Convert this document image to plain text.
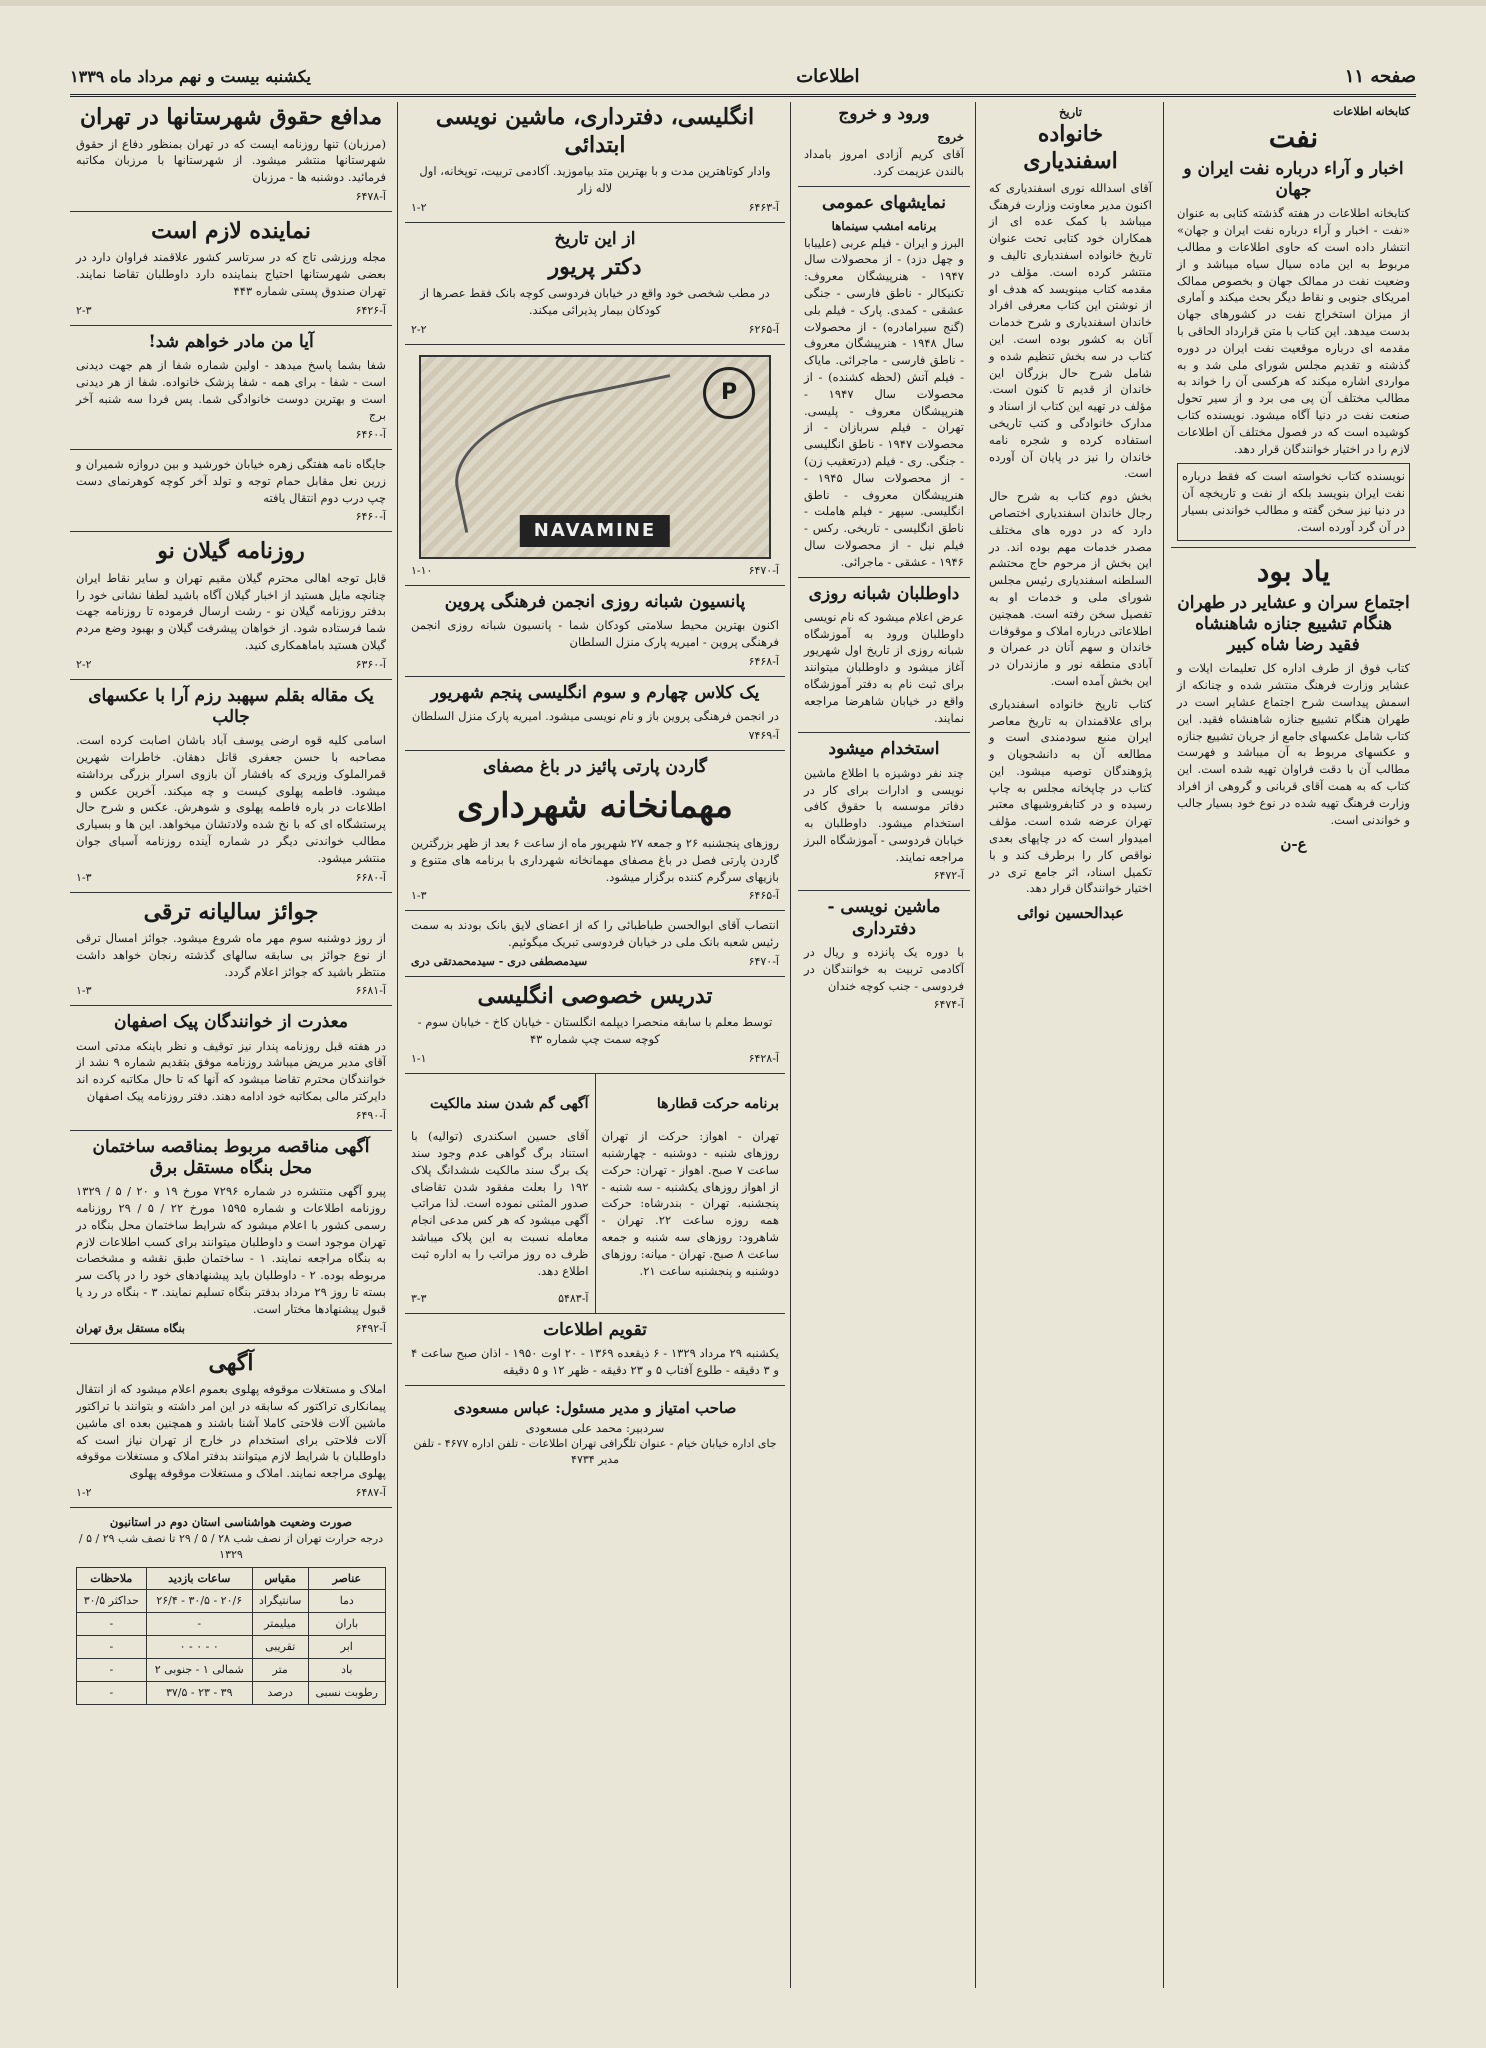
صفحه ۱۱
اطلاعات
یکشنبه بیست و نهم مرداد ماه ۱۳۳۹
کتابخانه اطلاعات
نفت
اخبار و آراء درباره نفت ایران و جهان

کتابخانه اطلاعات در هفته گذشته کتابی به عنوان «نفت - اخبار و آراء درباره نفت ایران و جهان» انتشار داده است که حاوی اطلاعات و مطالب مربوط به این ماده سیال سیاه میباشد و از وضعیت نفت در ممالک جهان و بخصوص ممالک امریکای جنوبی و نقاط دیگر بحث میکند و آماری از میزان استخراج نفت در کشورهای جهان بدست میدهد. این کتاب با متن قرارداد الحاقی با مقدمه ای درباره موقعیت نفت ایران در دوره گذشته و تقدیم مجلس شورای ملی شد و به مواردی اشاره میکند که هرکسی آن را خواند به مطالب مختلف آن پی می برد و از سیر تحول صنعت نفت در دنیا آگاه میشود. نویسنده کتاب کوشیده است که در فصول مختلف آن اطلاعات لازم را در اختیار خوانندگان قرار دهد.

نویسنده کتاب نخواسته است که فقط درباره نفت ایران بنویسد بلکه از نفت و تاریخچه آن در دنیا نیز سخن گفته و مطالب خواندنی بسیار در آن گرد آورده است.

یاد بود
اجتماع سران و عشایر در طهران هنگام تشییع جنازه شاهنشاه فقید رضا شاه کبیر

کتاب فوق از طرف اداره کل تعلیمات ایلات و عشایر وزارت فرهنگ منتشر شده و چنانکه از اسمش پیداست شرح اجتماع عشایر است در طهران هنگام تشییع جنازه شاهنشاه فقید. این کتاب شامل عکسهای جامع از جریان تشییع جنازه و عکسهای مربوط به آن میباشد و فهرست مطالب آن با دقت فراوان تهیه شده است. این کتاب که به همت آقای قربانی و گروهی از افراد وزارت فرهنگ تهیه شده در نوع خود بسیار جالب و خواندنی است.

ع-ن
تاریخ
خانواده اسفندیاری

آقای اسدالله نوری اسفندیاری که اکنون مدیر معاونت وزارت فرهنگ میباشد با کمک عده ای از همکاران خود کتابی تحت عنوان تاریخ خانواده اسفندیاری تالیف و منتشر کرده است. مؤلف در مقدمه کتاب مینویسد که هدف او از نوشتن این کتاب معرفی افراد خاندان اسفندیاری و شرح خدمات آنان به کشور بوده است. این کتاب در سه بخش تنظیم شده و شامل شرح حال بزرگان این خاندان از قدیم تا کنون است. مؤلف در تهیه این کتاب از اسناد و مدارک خانوادگی و کتب تاریخی استفاده کرده و شجره نامه خاندان را نیز در پایان آن آورده است.

بخش دوم کتاب به شرح حال رجال خاندان اسفندیاری اختصاص دارد که در دوره های مختلف مصدر خدمات مهم بوده اند. در این بخش از مرحوم حاج محتشم السلطنه اسفندیاری رئیس مجلس شورای ملی و خدمات او به تفصیل سخن رفته است. همچنین اطلاعاتی درباره املاک و موقوفات خاندان و سهم آنان در عمران و آبادی منطقه نور و مازندران در این بخش آمده است.

کتاب تاریخ خانواده اسفندیاری برای علاقمندان به تاریخ معاصر ایران منبع سودمندی است و مطالعه آن به دانشجویان و پژوهندگان توصیه میشود. این کتاب در چاپخانه مجلس به چاپ رسیده و در کتابفروشیهای معتبر تهران عرضه شده است. مؤلف امیدوار است که در چاپهای بعدی نواقص کار را برطرف کند و با تکمیل اسناد، اثر جامع تری در اختیار خوانندگان قرار دهد.

عبدالحسین نوائی
ورود و خروج
خروج

آقای کریم آزادی امروز بامداد بالندن عزیمت کرد.

نمایشهای عمومی
برنامه امشب سینماها

البرز و ایران - فیلم عربی (علیبابا و چهل دزد) - از محصولات سال ۱۹۴۷ - هنرپیشگان معروف: تکنیکالر - ناطق فارسی - جنگی عشقی - کمدی. پارک - فیلم بلی (گنج سیرامادره) - از محصولات سال ۱۹۴۸ - هنرپیشگان معروف - ناطق فارسی - ماجرائی. مایاک - فیلم آتش (لحظه کشنده) - از محصولات سال ۱۹۴۷ - هنرپیشگان معروف - پلیسی. تهران - فیلم سربازان - از محصولات ۱۹۴۷ - ناطق انگلیسی - جنگی. ری - فیلم (درتعقیب زن) - از محصولات سال ۱۹۴۵ - هنرپیشگان معروف - ناطق انگلیسی. سپهر - فیلم هاملت - ناطق انگلیسی - تاریخی. رکس - فیلم نیل - از محصولات سال ۱۹۴۶ - عشقی - ماجرائی.

داوطلبان شبانه روزی

عرض اعلام میشود که نام نویسی داوطلبان ورود به آموزشگاه شبانه روزی از تاریخ اول شهریور آغاز میشود و داوطلبان میتوانند برای ثبت نام به دفتر آموزشگاه واقع در خیابان شاهرضا مراجعه نمایند.

استخدام میشود

چند نفر دوشیزه با اطلاع ماشین نویسی و ادارات برای کار در دفاتر موسسه با حقوق کافی استخدام میشود. داوطلبان به خیابان فردوسی - آموزشگاه البرز مراجعه نمایند.

آ-۶۴۷۲
ماشین نویسی - دفترداری

با دوره یک پانزده و ریال در آکادمی تربیت به خوانندگان در فردوسی - جنب کوچه خندان

آ-۶۴۷۴
انگلیسی، دفترداری، ماشین نویسی ابتدائی

وادار کوتاهترین مدت و با بهترین متد بیاموزید. آکادمی تربیت، توپخانه، اول لاله زار

آ-۶۴۶۳
۱-۲
از این تاریخ
دکتر پریور

در مطب شخصی خود واقع در خیابان فردوسی کوچه بانک فقط عصرها از کودکان بیمار پذیرائی میکند.

آ-۶۲۶۵
۲-۲
P
NAVAMINE
آ-۶۴۷۰
۱-۱۰
پانسیون شبانه روزی انجمن فرهنگی پروین

اکنون بهترین محیط سلامتی کودکان شما - پانسیون شبانه روزی انجمن فرهنگی پروین - امیریه پارک منزل السلطان

آ-۶۴۶۸
یک کلاس چهارم و سوم انگلیسی پنجم شهریور

در انجمن فرهنگی پروین باز و نام نویسی میشود. امیریه پارک منزل السلطان

آ-۷۴۶۹
گاردن پارتی پائیز در باغ مصفای
مهمانخانه شهرداری

روزهای پنجشنبه ۲۶ و جمعه ۲۷ شهریور ماه از ساعت ۶ بعد از ظهر بزرگترین گاردن پارتی فصل در باغ مصفای مهمانخانه شهرداری با برنامه های متنوع و بازیهای سرگرم کننده برگزار میشود.

آ-۶۴۶۵
۱-۳

انتصاب آقای ابوالحسن طباطبائی را که از اعضای لایق بانک بودند به سمت رئیس شعبه بانک ملی در خیابان فردوسی تبریک میگوئیم.

آ-۶۴۷۰
سیدمصطفی دری - سیدمحمدتقی دری
تدریس خصوصی انگلیسی

توسط معلم با سابقه منحصرا دیپلمه انگلستان - خیابان کاخ - خیابان سوم - کوچه سمت چپ شماره ۴۳

آ-۶۴۲۸
۱-۱
برنامه حرکت قطارها

تهران - اهواز: حرکت از تهران روزهای شنبه - دوشنبه - چهارشنبه ساعت ۷ صبح. اهواز - تهران: حرکت از اهواز روزهای یکشنبه - سه شنبه - پنجشنبه. تهران - بندرشاه: حرکت همه روزه ساعت ۲۲. تهران - شاهرود: روزهای سه شنبه و جمعه ساعت ۸ صبح. تهران - میانه: روزهای دوشنبه و پنجشنبه ساعت ۲۱.

آگهی گم شدن سند مالکیت

آقای حسین اسکندری (توالیه) با استناد برگ گواهی عدم وجود سند یک برگ سند مالکیت ششدانگ پلاک ۱۹۲ را بعلت مفقود شدن تقاضای صدور المثنی نموده است. لذا مراتب آگهی میشود که هر کس مدعی انجام معامله نسبت به این پلاک میباشد ظرف ده روز مراتب را به اداره ثبت اطلاع دهد.

آ-۵۴۸۳
۳-۳
تقویم اطلاعات

یکشنبه ۲۹ مرداد ۱۳۲۹ - ۶ ذیقعده ۱۳۶۹ - ۲۰ اوت ۱۹۵۰ - اذان صبح ساعت ۴ و ۳ دقیقه - طلوع آفتاب ۵ و ۲۳ دقیقه - ظهر ۱۲ و ۵ دقیقه

صاحب امتیاز و مدیر مسئول: عباس مسعودی
سردبیر: محمد علی مسعودی

جای اداره خیابان خیام - عنوان تلگرافی تهران اطلاعات - تلفن اداره ۴۶۷۷ - تلفن مدیر ۴۷۳۴

مدافع حقوق شهرستانها در تهران

(مرزبان) تنها روزنامه ایست که در تهران بمنظور دفاع از حقوق شهرستانها منتشر میشود. از شهرستانها با مرزبان مکاتبه فرمائید. دوشنبه ها - مرزبان

آ-۶۴۷۸
نماینده لازم است

مجله ورزشی تاج که در سرتاسر کشور علاقمند فراوان دارد در بعضی شهرستانها احتیاج بنماینده دارد داوطلبان تقاضا نمایند. تهران صندوق پستی شماره ۴۴۳

آ-۶۴۲۶
۲-۳
آیا من مادر خواهم شد!

شفا بشما پاسخ میدهد - اولین شماره شفا از هم جهت دیدنی است - شفا - برای همه - شفا پزشک خانواده. شفا از هر دیدنی است و بهترین دوست خانوادگی شما. پس فردا سه شنبه آخر برج

آ-۶۴۶۰

جایگاه نامه هفتگی زهره خیابان خورشید و بین دروازه شمیران و زرین نعل مقابل حمام توجه و تولد آخر کوچه کوهرنمای دست چپ درب دوم انتقال یافته

آ-۶۴۶۰
روزنامه گیلان نو

قابل توجه اهالی محترم گیلان مقیم تهران و سایر نقاط ایران چنانچه مایل هستید از اخبار گیلان آگاه باشید لطفا نشانی خود را بدفتر روزنامه گیلان نو - رشت ارسال فرموده تا روزنامه جهت شما فرستاده شود. از خواهان پیشرفت گیلان و بهبود وضع مردم گیلان هستید باماهمکاری کنید.

آ-۶۳۶۰
۲-۲
یک مقاله بقلم سپهبد رزم آرا با عکسهای جالب

اسامی کلیه قوه ارضی یوسف آباد باشان اصابت کرده است. مصاحبه با حسن جعفری قاتل دهقان. خاطرات شهرین قمرالملوک وزیری که بافشار آن بازوی اسرار بزرگی برداشته میشود. فاطمه پهلوی کیست و چه میکند. آخرین عکس و اطلاعات در باره فاطمه پهلوی و شوهرش. عکس و شرح حال پرستشگاه ای که با نخ شده ولادتشان میخواهد. این ها و بسیاری مطالب خواندنی دیگر در شماره آینده روزنامه آسیای جوان منتشر میشود.

آ-۶۶۸۰
۱-۳
جوائز سالیانه ترقی

از روز دوشنبه سوم مهر ماه شروع میشود. جوائز امسال ترقی از نوع جوائز بی سابقه سالهای گذشته رنجان خواهد داشت منتظر باشید که جوائز اعلام گردد.

آ-۶۶۸۱
۱-۳
معذرت از خوانندگان پیک اصفهان

در هفته قبل روزنامه پندار نیز توقیف و نظر باینکه مدتی است آقای مدیر مریض میباشد روزنامه موفق بتقدیم شماره ۹ نشد از خوانندگان محترم تقاضا میشود که آنها که تا حال مکاتبه کرده اند دایرکتر مالی بمکاتبه خود ادامه دهند. دفتر روزنامه پیک اصفهان

آ-۶۴۹۰
آگهی مناقصه مربوط بمناقصه ساختمان محل بنگاه مستقل برق

پیرو آگهی منتشره در شماره ۷۲۹۶ مورخ ۱۹ و ۲۰ / ۵ / ۱۳۲۹ روزنامه اطلاعات و شماره ۱۵۹۵ مورخ ۲۲ / ۵ / ۲۹ روزنامه رسمی کشور با اعلام میشود که شرایط ساختمان محل بنگاه در تهران موجود است و داوطلبان میتوانند برای کسب اطلاعات لازم به بنگاه مراجعه نمایند. ۱ - ساختمان طبق نقشه و مشخصات مربوطه بوده. ۲ - داوطلبان باید پیشنهادهای خود را در پاکت سر بسته تا روز ۲۹ مرداد بدفتر بنگاه تسلیم نمایند. ۳ - بنگاه در رد یا قبول پیشنهادها مختار است.

آ-۶۴۹۲
بنگاه مستقل برق تهران
آگهی

املاک و مستغلات موقوفه پهلوی بعموم اعلام میشود که از انتقال پیمانکاری تراکتور که سابقه در این امر داشته و بتوانند با تراکتور ماشین آلات فلاحتی کاملا آشنا باشند و همچنین بعده ای ماشین آلات فلاحتی برای استخدام در خارج از تهران نیاز است که داوطلبان با شرایط لازم میتوانند بدفتر املاک و مستغلات موقوفه پهلوی مراجعه نمایند. املاک و مستغلات موقوفه پهلوی

آ-۶۴۸۷
۱-۲
صورت وضعیت هواشناسی استان دوم در استانبون
درجه حرارت تهران از نصف شب ۲۸ / ۵ / ۲۹ تا نصف شب ۲۹ / ۵ / ۱۳۲۹
عناصر	مقیاس	ساعات بازدید	ملاحظات
دما	سانتیگراد	۲۰/۶ - ۳۰/۵ - ۲۶/۴	حداکثر ۳۰/۵
باران	میلیمتر	-	-
ابر	تقریبی	۰ - ۰ - ۰	-
باد	متر	شمالی ۱ - جنوبی ۲	-
رطوبت نسبی	درصد	۳۹ - ۲۳ - ۳۷/۵	-
